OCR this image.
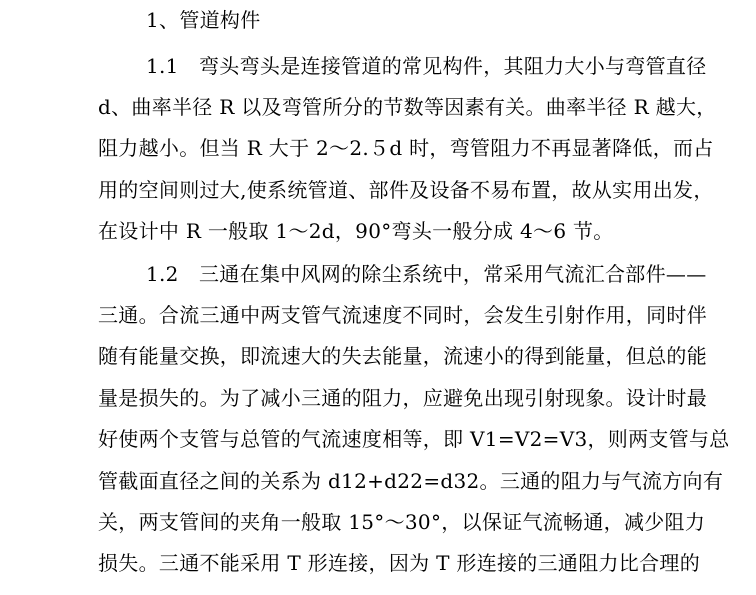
1、管道构件
1.1　弯头弯头是连接管道的常见构件，其阻力大小与弯管直径
d、曲率半径 R 以及弯管所分的节数等因素有关。曲率半径 R 越大，
阻力越小。但当 R 大于 2～2.５d 时，弯管阻力不再显著降低，而占
用的空间则过大,使系统管道、部件及设备不易布置，故从实用出发，
在设计中 R 一般取 1～2d，90°弯头一般分成 4～6 节。
1.2　三通在集中风网的除尘系统中，常采用气流汇合部件——
三通。合流三通中两支管气流速度不同时，会发生引射作用，同时伴
随有能量交换，即流速大的失去能量，流速小的得到能量，但总的能
量是损失的。为了减小三通的阻力，应避免出现引射现象。设计时最
好使两个支管与总管的气流速度相等，即 V1=V2=V3，则两支管与总
管截面直径之间的关系为 d12+d22=d32。三通的阻力与气流方向有
关，两支管间的夹角一般取 15°～30°，以保证气流畅通，减少阻力
损失。三通不能采用 T 形连接，因为 T 形连接的三通阻力比合理的
